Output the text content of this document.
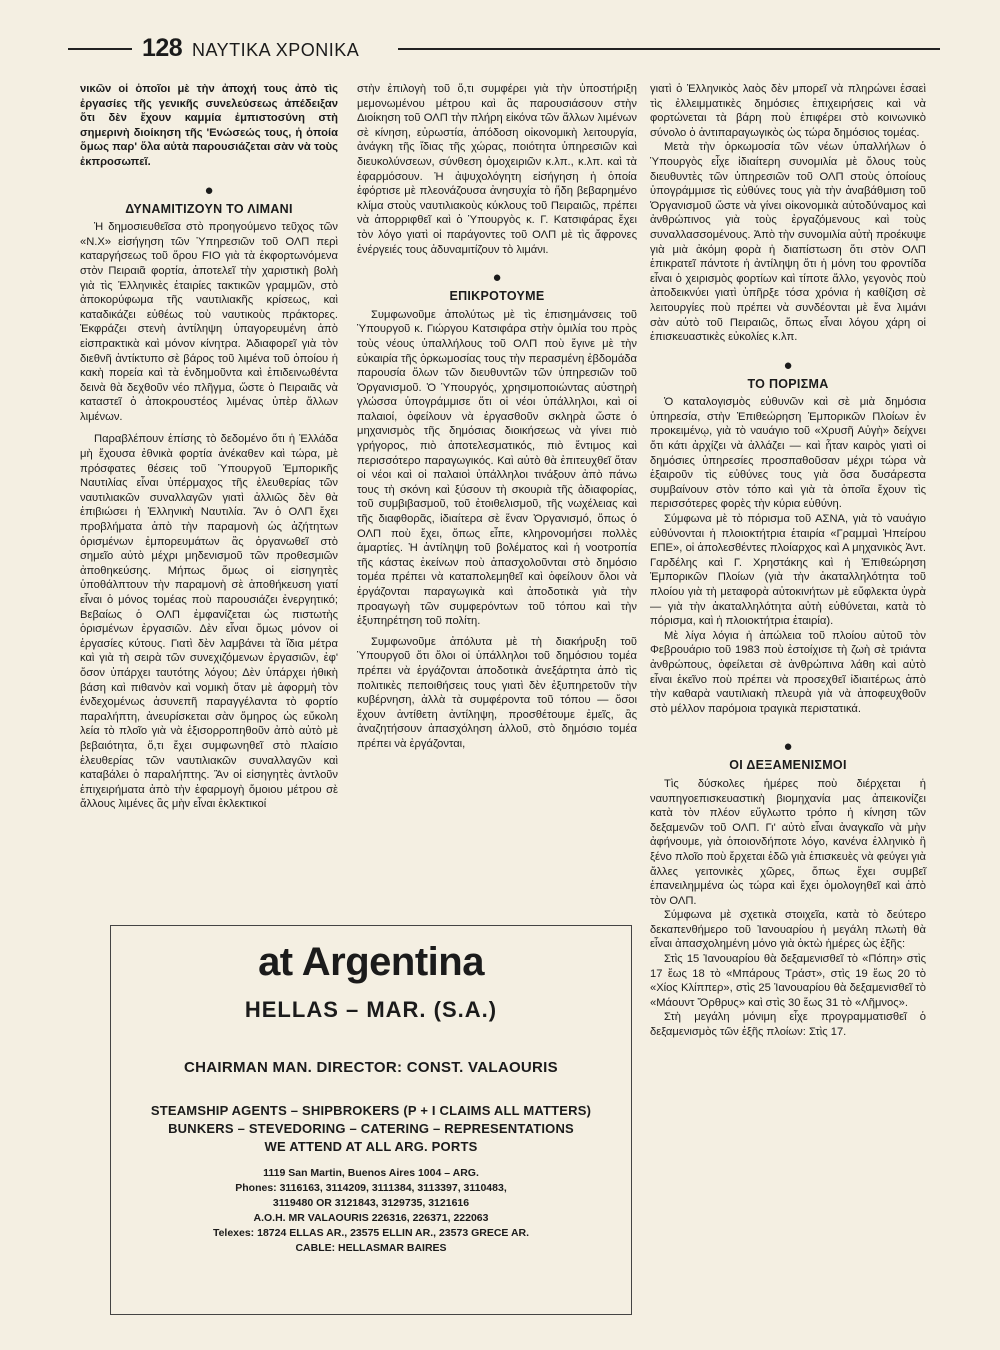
128 ΝΑΥΤΙΚΑ ΧΡΟΝΙΚΑ

νικῶν οἱ ὁποῖοι μὲ τὴν ἀποχή τους ἀπὸ τὶς ἐργασίες τῆς γενικῆς συνελεύσεως ἀπέδειξαν ὅτι δὲν ἔχουν καμμία ἐμπιστοσύνη στὴ σημερινὴ διοίκηση τῆς 'Ενώσεώς τους, ἡ ὁποία ὅμως παρ' ὅλα αὐτὰ παρουσιάζεται σὰν νὰ τοὺς ἐκπροσωπεῖ.

●
ΔΥΝΑΜΙΤΙΖΟΥΝ ΤΟ ΛΙΜΑΝΙ

Ἡ δημοσιευθεῖσα στὸ προηγούμενο τεῦχος τῶν «Ν.Χ» εἰσήγηση τῶν Ὑπηρεσιῶν τοῦ ΟΛΠ περὶ καταργήσεως τοῦ ὅρου FIO γιὰ τὰ ἐκφορτωνόμενα στὸν Πειραιᾶ φορτία, ἀποτελεῖ τὴν χαριστικὴ βολὴ γιὰ τὶς Ἑλληνικὲς ἑταιρίες τακτικῶν γραμμῶν, στὸ ἀποκορύφωμα τῆς ναυτιλιακῆς κρίσεως, καὶ καταδικάζει εὐθέως τοὺ ναυτικοὺς πράκτορες. Ἐκφράζει στενὴ ἀντίληψη ὑπαγορευμένη ἀπὸ εἰσπρακτικὰ καὶ μόνον κίνητρα. Ἀδιαφορεῖ γιὰ τὸν διεθνῆ ἀντίκτυπο σὲ βάρος τοῦ λιμένα τοῦ ὁποίου ἡ κακὴ πορεία καὶ τὰ ἐνδημοῦντα καὶ ἐπιδεινωθέντα δεινὰ θὰ δεχθοῦν νέο πλῆγμα, ὥστε ὁ Πειραιᾶς νὰ καταστεῖ ὁ ἀποκρουστέος λιμένας ὑπὲρ ἄλλων λιμένων.

Παραβλέπουν ἐπίσης τὸ δεδομένο ὅτι ἡ Ἑλλάδα μὴ ἔχουσα ἐθνικὰ φορτία ἀνέκαθεν καὶ τώρα, μὲ πρόσφατες θέσεις τοῦ Ὑπουργοῦ Ἐμπορικῆς Ναυτιλίας εἶναι ὑπέρμαχος τῆς ἐλευθερίας τῶν ναυτιλιακῶν συναλλαγῶν γιατὶ ἀλλιῶς δὲν θὰ ἐπιβιώσει ἡ Ἑλληνικὴ Ναυτιλία. Ἄν ὁ ΟΛΠ ἔχει προβλήματα ἀπὸ τὴν παραμονὴ ὡς ἀζήτητων ὁρισμένων ἐμπορευμάτων ἂς ὀργανωθεῖ στὸ σημεῖο αὐτὸ μέχρι μηδενισμοῦ τῶν προθεσμιῶν ἀποθηκεύσης. Μήπως ὅμως οἱ εἰσηγητὲς ὑποθάλπτουν τὴν παραμονὴ σὲ ἀποθήκευση γιατί εἶναι ὁ μόνος τομέας ποὺ παρουσιάζει ἐνεργητικό; Βεβαίως ὁ ΟΛΠ ἐμφανίζεται ὡς πιστωτὴς ὁρισμένων ἐργασιῶν. Δὲν εἶναι ὅμως μόνον οἱ ἐργασίες κύτους. Γιατὶ δὲν λαμβάνει τὰ ἴδια μέτρα καὶ γιὰ τὴ σειρὰ τῶν συνεχιζόμενων ἐργασιῶν, ἐφ' ὅσον ὑπάρχει ταυτότης λόγου; Δὲν ὑπάρχει ἠθικὴ βάση καὶ πιθανὸν καὶ νομικὴ ὅταν μὲ ἀφορμὴ τὸν ἐνδεχομένως ἀσυνεπῆ παραγγέλαντα τὸ φορτίο παραλήπτη, ἀνευρίσκεται σὰν ὅμηρος ὡς εὔκολη λεία τὸ πλοῖο γιὰ νὰ ἐξισορροπηθοῦν ἀπὸ αὐτὸ μὲ βεβαιότητα, ὅ,τι ἔχει συμφωνηθεῖ στὸ πλαίσιο ἐλευθερίας τῶν ναυτιλιακῶν συναλλαγῶν καὶ καταβάλει ὁ παραλήπτης. Ἂν οἱ εἰσηγητὲς ἀντλοῦν ἐπιχειρήματα ἀπὸ τὴν ἐφαρμογὴ ὅμοιου μέτρου σὲ ἄλλους λιμένες ἂς μὴν εἶναι ἐκλεκτικοί

στὴν ἐπιλογὴ τοῦ ὅ,τι συμφέρει γιὰ τὴν ὑποστήριξη μεμονωμένου μέτρου καὶ ἂς παρουσιάσουν στὴν Διοίκηση τοῦ ΟΛΠ τὴν πλήρη εἰκόνα τῶν ἄλλων λιμένων σὲ κίνηση, εὐρωστία, ἀπόδοση οἰκονομικὴ λειτουργία, ἀνάγκη τῆς ἴδιας τῆς χώρας, ποιότητα ὑπηρεσιῶν καὶ διευκολύνσεων, σύνθεση ὁμοχειριῶν κ.λπ., κ.λπ. καὶ τὰ ἐφαρμόσουν. Ἡ ἀψυχολόγητη εἰσήγηση ἡ ὁποία ἐφόρτισε μὲ πλεονάζουσα ἀνησυχία τὸ ἤδη βεβαρημένο κλίμα στοὺς ναυτιλιακοὺς κύκλους τοῦ Πειραιῶς, πρέπει νὰ ἀπορριφθεῖ καὶ ὁ Ὑπουργὸς κ. Γ. Κατσιφάρας ἔχει τὸν λόγο γιατὶ οἱ παράγοντες τοῦ ΟΛΠ μὲ τὶς ἄφρονες ἐνέργειές τους ἀδυναμιτίζουν τὸ λιμάνι.

●
ΕΠΙΚΡΟΤΟΥΜΕ

Συμφωνοῦμε ἀπολύτως μὲ τὶς ἐπισημάνσεις τοῦ Ὑπουργοῦ κ. Γιώργου Κατσιφάρα στὴν ὁμιλία του πρὸς τοὺς νέους ὑπαλλήλους τοῦ ΟΛΠ ποὺ ἔγινε μὲ τὴν εὐκαιρία τῆς ὁρκωμοσίας τους τὴν περασμένη ἑβδομάδα παρουσία ὅλων τῶν διευθυντῶν τῶν ὑπηρεσιῶν τοῦ Ὀργανισμοῦ. Ὁ Ὑπουργός, χρησιμοποιώντας αὐστηρὴ γλώσσα ὑπογράμμισε ὅτι οἱ νέοι ὑπάλληλοι, καὶ οἱ παλαιοί, ὀφείλουν νὰ ἐργασθοῦν σκληρὰ ὥστε ὁ μηχανισμὸς τῆς δημόσιας διοικήσεως νὰ γίνει πιὸ γρήγορος, πιὸ ἀποτελεσματικός, πιὸ ἔντιμος καὶ περισσότερο παραγωγικός. Καὶ αὐτὸ θὰ ἐπιτευχθεῖ ὅταν οἱ νέοι καὶ οἱ παλαιοὶ ὑπάλληλοι τινάξουν ἀπὸ πάνω τους τὴ σκόνη καὶ ξύσουν τὴ σκουριὰ τῆς ἀδιαφορίας, τοῦ συμβιβασμοῦ, τοῦ ἐτοιθελισμοῦ, τῆς νωχέλειας καὶ τῆς διαφθορᾶς, ἰδιαίτερα σὲ ἕναν Ὀργανισμό, ὅπως ὁ ΟΛΠ ποὺ ἔχει, ὅπως εἶπε, κληρονομήσει πολλὲς ἁμαρτίες. Ἡ ἀντίληψη τοῦ βολέματος καὶ ἡ νοοτροπία τῆς κάστας ἐκείνων ποὺ ἀπασχολοῦνται στὸ δημόσιο τομέα πρέπει νὰ καταπολεμηθεῖ καὶ ὀφείλουν ὅλοι νὰ ἐργάζονται παραγωγικὰ καὶ ἀποδοτικὰ γιὰ τὴν προαγωγὴ τῶν συμφερόντων τοῦ τόπου καὶ τὴν ἐξυπηρέτηση τοῦ πολίτη.

Συμφωνοῦμε ἀπόλυτα μὲ τὴ διακήρυξη τοῦ Ὑπουργοῦ ὅτι ὅλοι οἱ ὑπάλληλοι τοῦ δημόσιου τομέα πρέπει νὰ ἐργάζονται ἀποδοτικὰ ἀνεξάρτητα ἀπὸ τὶς πολιτικὲς πεποιθήσεις τους γιατὶ δὲν ἐξυπηρετοῦν τὴν κυβέρνηση, ἀλλὰ τὰ συμφέροντα τοῦ τόπου — ὅσοι ἔχουν ἀντίθετη ἀντίληψη, προσθέτουμε ἐμεῖς, ἂς ἀναζητήσουν ἀπασχόληση ἀλλοῦ, στὸ δημόσιο τομέα πρέπει νὰ ἐργάζονται,

γιατὶ ὁ Ἑλληνικὸς λαὸς δὲν μπορεῖ νὰ πληρώνει ἐσαεὶ τὶς ἐλλειμματικὲς δημόσιες ἐπιχειρήσεις καὶ νὰ φορτώνεται τὰ βάρη ποὺ ἐπιφέρει στὸ κοινωνικὸ σύνολο ὁ ἀντιπαραγωγικὸς ὡς τώρα δημόσιος τομέας.

Μετὰ τὴν ὁρκωμοσία τῶν νέων ὑπαλλήλων ὁ Ὑπουργὸς εἶχε ἰδιαίτερη συνομιλία μὲ ὅλους τοὺς διευθυντὲς τῶν ὑπηρεσιῶν τοῦ ΟΛΠ στοὺς ὁποίους ὑπογράμμισε τὶς εὐθύνες τους γιὰ τὴν ἀναβάθμιση τοῦ Ὀργανισμοῦ ὥστε νὰ γίνει οἰκονομικὰ αὐτοδύναμος καὶ ἀνθρώπινος γιὰ τοὺς ἐργαζόμενους καὶ τοὺς συναλλασσομένους. Ἀπὸ τὴν συνομιλία αὐτὴ προέκυψε γιὰ μιὰ ἀκόμη φορὰ ἡ διαπίστωση ὅτι στὸν ΟΛΠ ἐπικρατεῖ πάντοτε ἡ ἀντίληψη ὅτι ἡ μόνη του φροντίδα εἶναι ὁ χειρισμὸς φορτίων καὶ τίποτε ἄλλο, γεγονὸς ποὺ ἀποδεικνύει γιατὶ ὑπῆρξε τόσα χρόνια ἡ καθίζιση σὲ λειτουργίες ποὺ πρέπει νὰ συνδέονται μὲ ἕνα λιμάνι σὰν αὐτὸ τοῦ Πειραιῶς, ὅπως εἶναι λόγου χάρη οἱ ἐπισκευαστικὲς εὐκολίες κ.λπ.

●
ΤΟ ΠΟΡΙΣΜΑ

Ὁ καταλογισμὸς εὐθυνῶν καὶ σὲ μιὰ δημόσια ὑπηρεσία, στὴν Ἐπιθεώρηση Ἐμπορικῶν Πλοίων ἐν προκειμένῳ, γιὰ τὸ ναυάγιο τοῦ «Χρυσῆ Αὐγὴ» δείχνει ὅτι κάτι ἀρχίζει νὰ ἀλλάζει — καὶ ἦταν καιρὸς γιατὶ οἱ δημόσιες ὑπηρεσίες προσπαθοῦσαν μέχρι τώρα νὰ ἐξαιροῦν τὶς εὐθύνες τους γιὰ ὅσα δυσάρεστα συμβαίνουν στὸν τόπο καὶ γιὰ τὰ ὁποῖα ἔχουν τὶς περισσότερες φορὲς τὴν κύρια εὐθύνη.

Σύμφωνα μὲ τὸ πόρισμα τοῦ ΑΣΝΑ, γιὰ τὸ ναυάγιο εὐθύνονται ἡ πλοιοκτήτρια ἑταιρία «Γραμμαὶ Ἠπείρου ΕΠΕ», οἱ ἀπολεσθέντες πλοίαρχος καὶ Α μηχανικὸς Ἀντ. Γαρδέλης καὶ Γ. Χρηστάκης καὶ ἡ Ἐπιθεώρηση Ἐμπορικῶν Πλοίων (γιὰ τὴν ἀκαταλληλότητα τοῦ πλοίου γιὰ τὴ μεταφορὰ αὐτοκινήτων μὲ εὔφλεκτα ὑγρὰ — γιὰ τὴν ἀκαταλληλότητα αὐτὴ εὐθύνεται, κατὰ τὸ πόρισμα, καὶ ἡ πλοιοκτήτρια ἑταιρία).

Μὲ λίγα λόγια ἡ ἀπώλεια τοῦ πλοίου αὐτοῦ τὸν Φεβρουάριο τοῦ 1983 ποὺ ἐστοίχισε τὴ ζωὴ σὲ τριάντα ἀνθρώπους, ὀφείλεται σὲ ἀνθρώπινα λάθη καὶ αὐτὸ εἶναι ἐκεῖνο ποὺ πρέπει νὰ προσεχθεῖ ἰδιαιτέρως ἀπὸ τὴν καθαρὰ ναυτιλιακὴ πλευρὰ γιὰ νὰ ἀποφευχθοῦν στὸ μέλλον παρόμοια τραγικὰ περιστατικά.

●
ΟΙ ΔΕΞΑΜΕΝΙΣΜΟΙ

Τὶς δύσκολες ἡμέρες ποὺ διέρχεται ἡ ναυπηγοεπισκευαστικὴ βιομηχανία μας ἀπεικονίζει κατὰ τὸν πλέον εὔγλωττο τρόπο ἡ κίνηση τῶν δεξαμενῶν τοῦ ΟΛΠ. Γι' αὐτὸ εἶναι ἀναγκαῖο νὰ μὴν ἀφήνουμε, γιὰ ὁποιονδήποτε λόγο, κανένα ἑλληνικὸ ἢ ξένο πλοῖο ποὺ ἔρχεται ἐδῶ γιὰ ἐπισκευὲς νὰ φεύγει γιὰ ἄλλες γειτονικὲς χῶρες, ὅπως ἔχει συμβεῖ ἐπανειλημμένα ὡς τώρα καὶ ἔχει ὁμολογηθεῖ καὶ ἀπὸ τὸν ΟΛΠ.

Σύμφωνα μὲ σχετικὰ στοιχεῖα, κατὰ τὸ δεύτερο δεκαπενθήμερο τοῦ Ἰανουαρίου ἡ μεγάλη πλωτὴ θὰ εἶναι ἀπασχολημένη μόνο γιὰ ὀκτὼ ἡμέρες ὡς ἐξῆς:

Στὶς 15 Ἰανουαρίου θὰ δεξαμενισθεῖ τὸ «Πόπη» στὶς 17 ἕως 18 τὸ «Μπάρους Τράστ», στὶς 19 ἕως 20 τὸ «Χίος Κλίππερ», στὶς 25 Ἰανουαρίου θὰ δεξαμενισθεῖ τὸ «Μάουντ Ὄρθρυς» καὶ στὶς 30 ἕως 31 τὸ «Λῆμνος».

Στὴ μεγάλη μόνιμη εἶχε προγραμματισθεῖ ὁ δεξαμενισμὸς τῶν ἑξῆς πλοίων: Στὶς 17.

at Argentina
HELLAS – MAR. (S.A.)
CHAIRMAN MAN. DIRECTOR: CONST. VALAOURIS
STEAMSHIP AGENTS – SHIPBROKERS (P + I CLAIMS ALL MATTERS)
BUNKERS – STEVEDORING – CATERING – REPRESENTATIONS
WE ATTEND AT ALL ARG. PORTS
1119 San Martin, Buenos Aires 1004 – ARG.
Phones: 3116163, 3114209, 3111384, 3113397, 3110483,
3119480 OR 3121843, 3129735, 3121616
A.O.H. MR VALAOURIS 226316, 226371, 222063
Telexes: 18724 ELLAS AR., 23575 ELLIN AR., 23573 GRECE AR.
CABLE: HELLASMAR BAIRES
